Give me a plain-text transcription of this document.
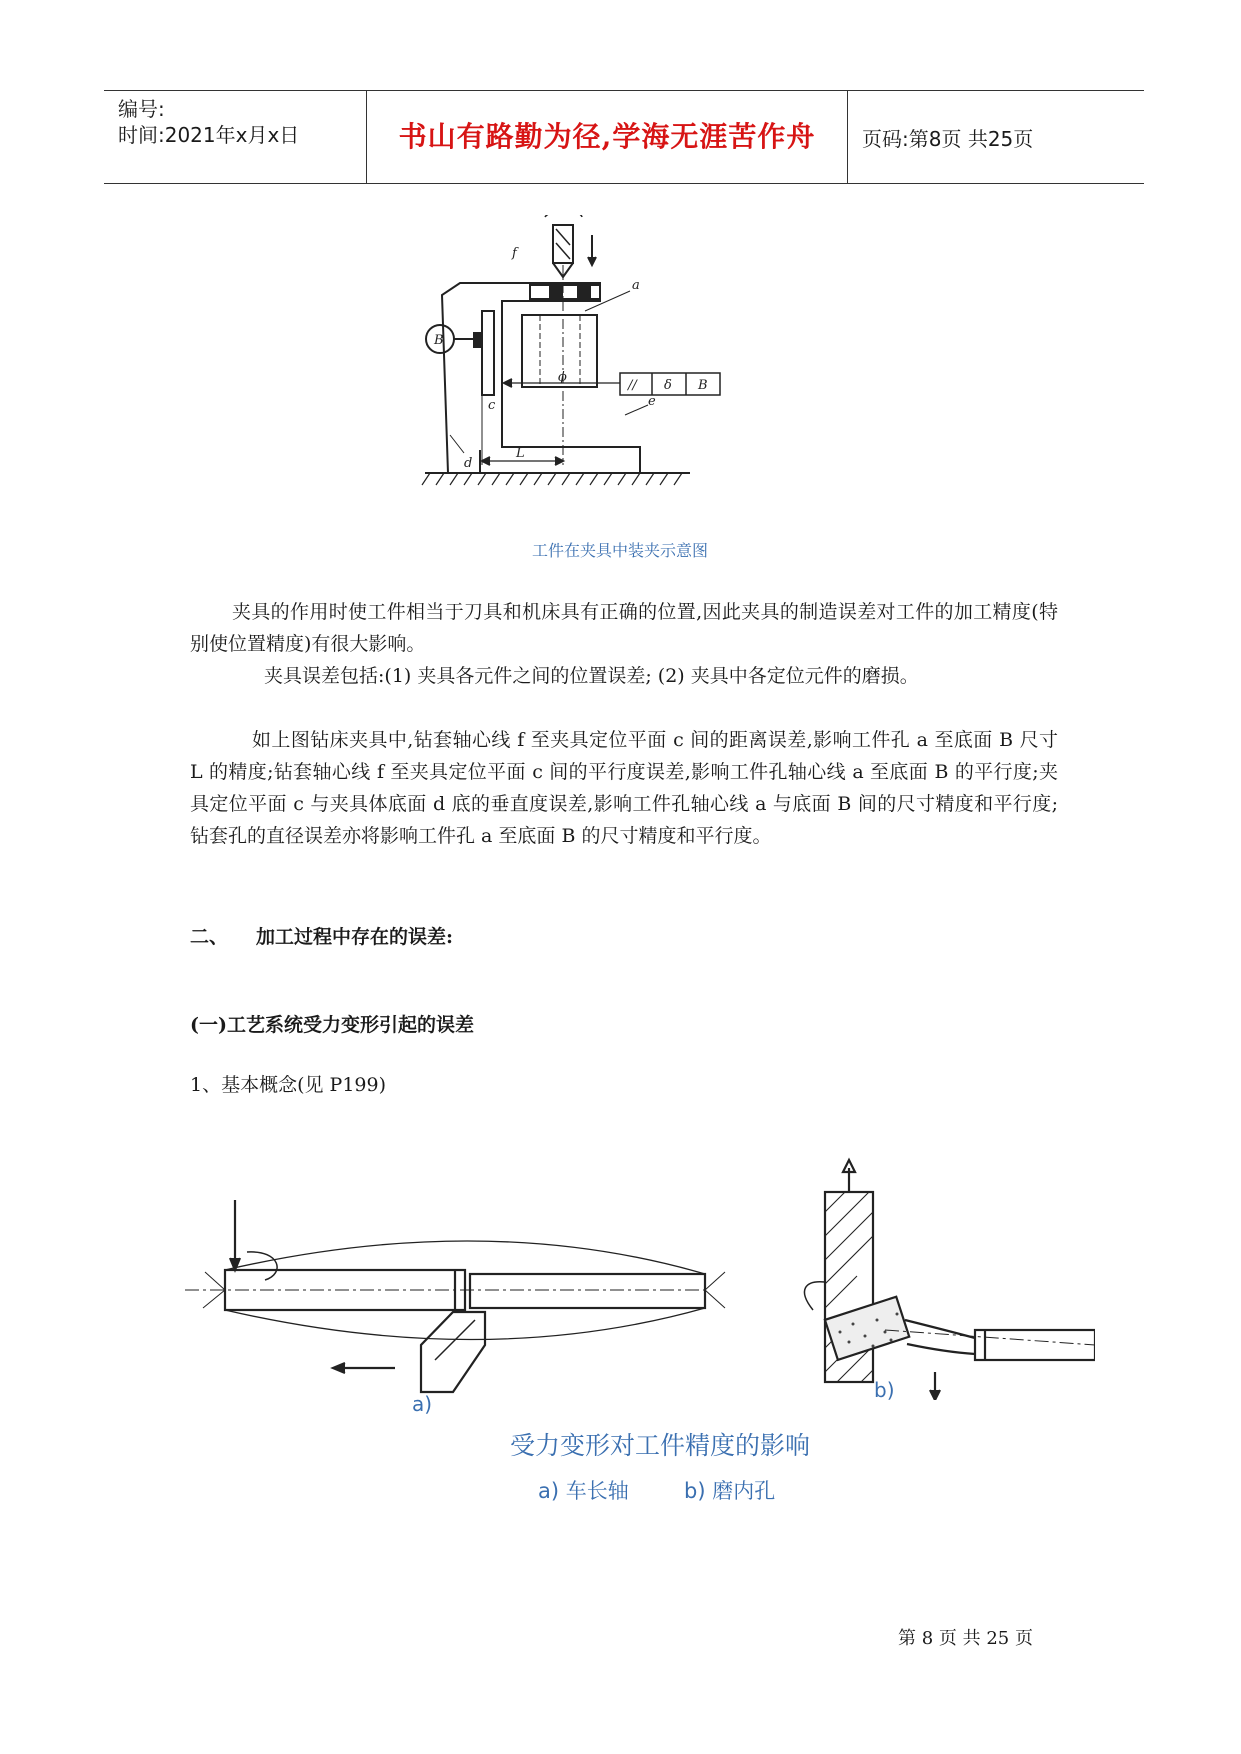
编号:
时间:2021年x月x日	书山有路勤为径,学海无涯苦作舟	页码:第8页 共25页
f
a
B
c
ϕ
// δ B
e
d
L
工件在夹具中装夹示意图
夹具的作用时使工件相当于刀具和机床具有正确的位置,因此夹具的制造误差对工件的加工精度(特别使位置精度)有很大影响。
夹具误差包括:(1) 夹具各元件之间的位置误差; (2) 夹具中各定位元件的磨损。
如上图钻床夹具中,钻套轴心线 f 至夹具定位平面 c 间的距离误差,影响工件孔 a 至底面 B 尺寸 L 的精度;钻套轴心线 f 至夹具定位平面 c 间的平行度误差,影响工件孔轴心线 a 至底面 B 的平行度;夹具定位平面 c 与夹具体底面 d 底的垂直度误差,影响工件孔轴心线 a 与底面 B 间的尺寸精度和平行度;钻套孔的直径误差亦将影响工件孔 a 至底面 B 的尺寸精度和平行度。
二、 加工过程中存在的误差:
(一)工艺系统受力变形引起的误差
1、基本概念(见 P199)
a)
b)
受力变形对工件精度的影响
a) 车长轴	b) 磨内孔
第 8 页 共 25 页
